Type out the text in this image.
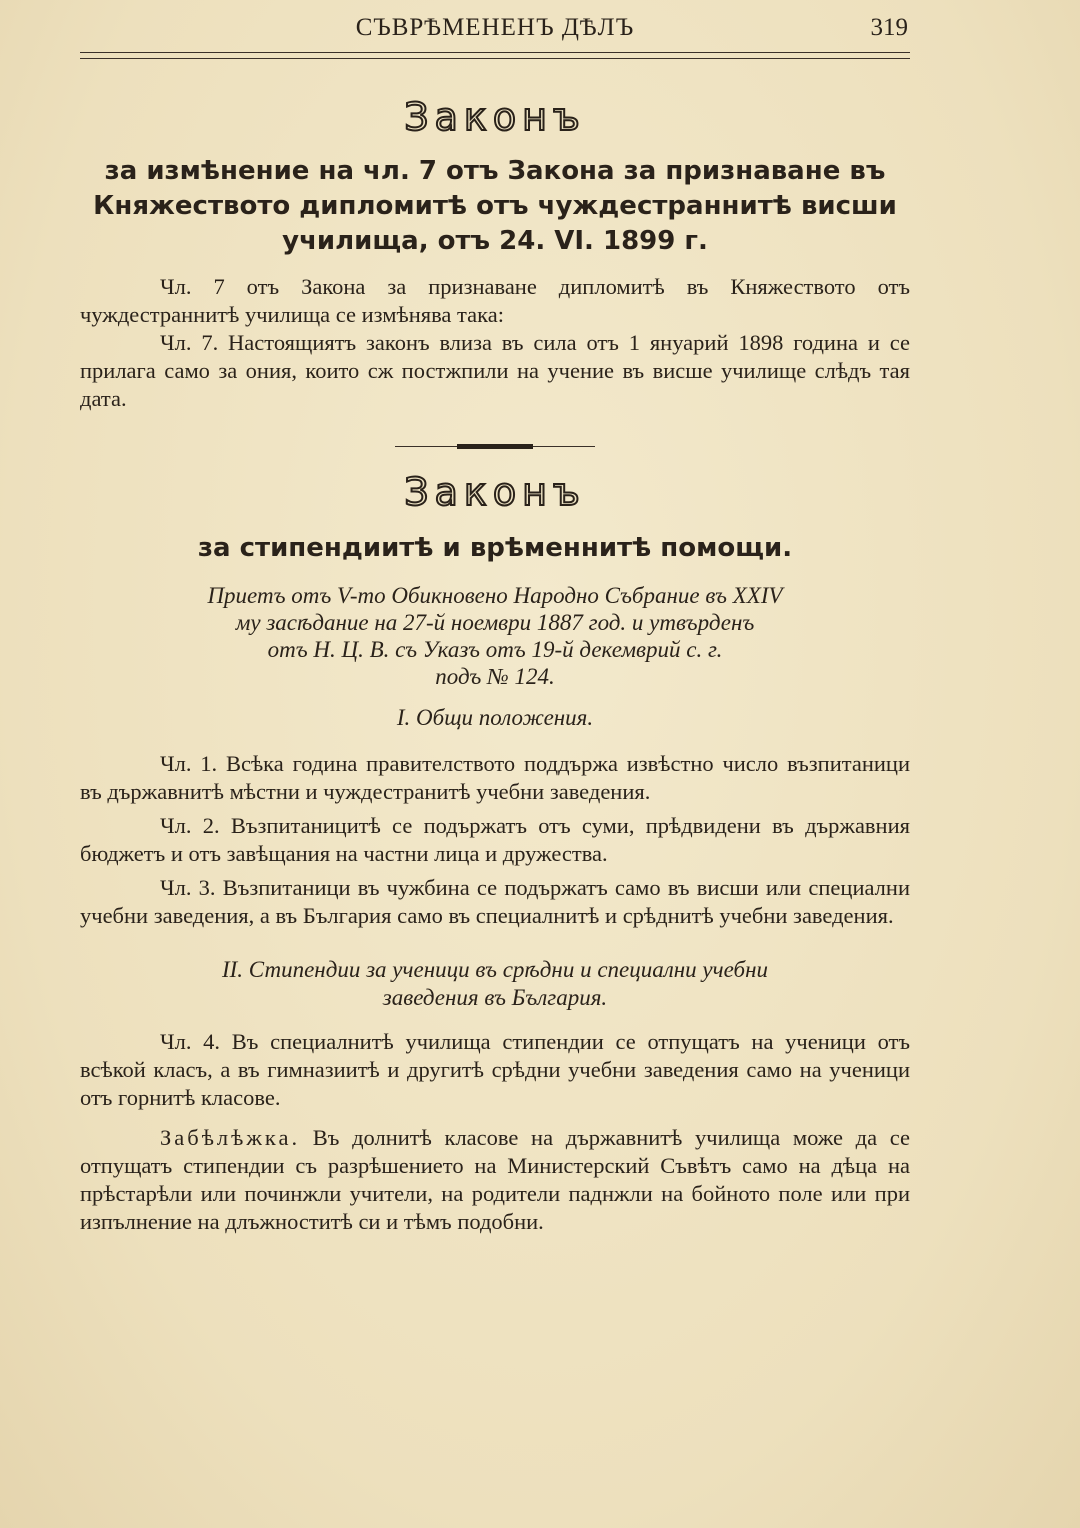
СЪВРѢМЕНЕНЪ ДѢЛЪ	319
Законъ

за измѣнение на чл. 7 отъ Закона за признаване въ

Княжеството дипломитѣ отъ чуждестраннитѣ висши

училища, отъ 24. VI. 1899 г.

Чл. 7 отъ Закона за признаване дипломитѣ въ Княжеството отъ чуждестраннитѣ училища се измѣнява така:

Чл. 7. Настоящиятъ законъ влиза въ сила отъ 1 януарий 1898 година и се прилага само за ония, които сж постжпили на учение въ висше училище слѣдъ тая дата.

Законъ

за стипендиитѣ и врѣменнитѣ помощи.

Приетъ отъ V-то Обикновено Народно Събрание въ XXIV

му засѣдание на 27-й ноември 1887 год. и утвърденъ

отъ Н. Ц. В. съ Указъ отъ 19-й декемврий с. г.

подъ № 124.

I. Общи положения.

Чл. 1. Всѣка година правителството поддържа извѣстно число възпитаници въ държавнитѣ мѣстни и чуждестранитѣ учебни заведения.

Чл. 2. Възпитаницитѣ се подържатъ отъ суми, прѣдвидени въ държавния бюджетъ и отъ завѣщания на частни лица и дружества.

Чл. 3. Възпитаници въ чужбина се подържатъ само въ висши или специални учебни заведения, а въ България само въ специалнитѣ и срѣднитѣ учебни заведения.

II. Стипендии за ученици въ срѣдни и специални учебни

заведения въ България.

Чл. 4. Въ специалнитѣ училища стипендии се отпущатъ на ученици отъ всѣкой класъ, а въ гимназиитѣ и другитѣ срѣдни учебни заведения само на ученици отъ горнитѣ класове.

Забѣлѣжка. Въ долнитѣ класове на държавнитѣ училища може да се отпущатъ стипендии съ разрѣшението на Министерский Съвѣтъ само на дѣца на прѣстарѣли или починжли учители, на родители паднжли на бойното поле или при изпълнение на длъжноститѣ си и тѣмъ подобни.
